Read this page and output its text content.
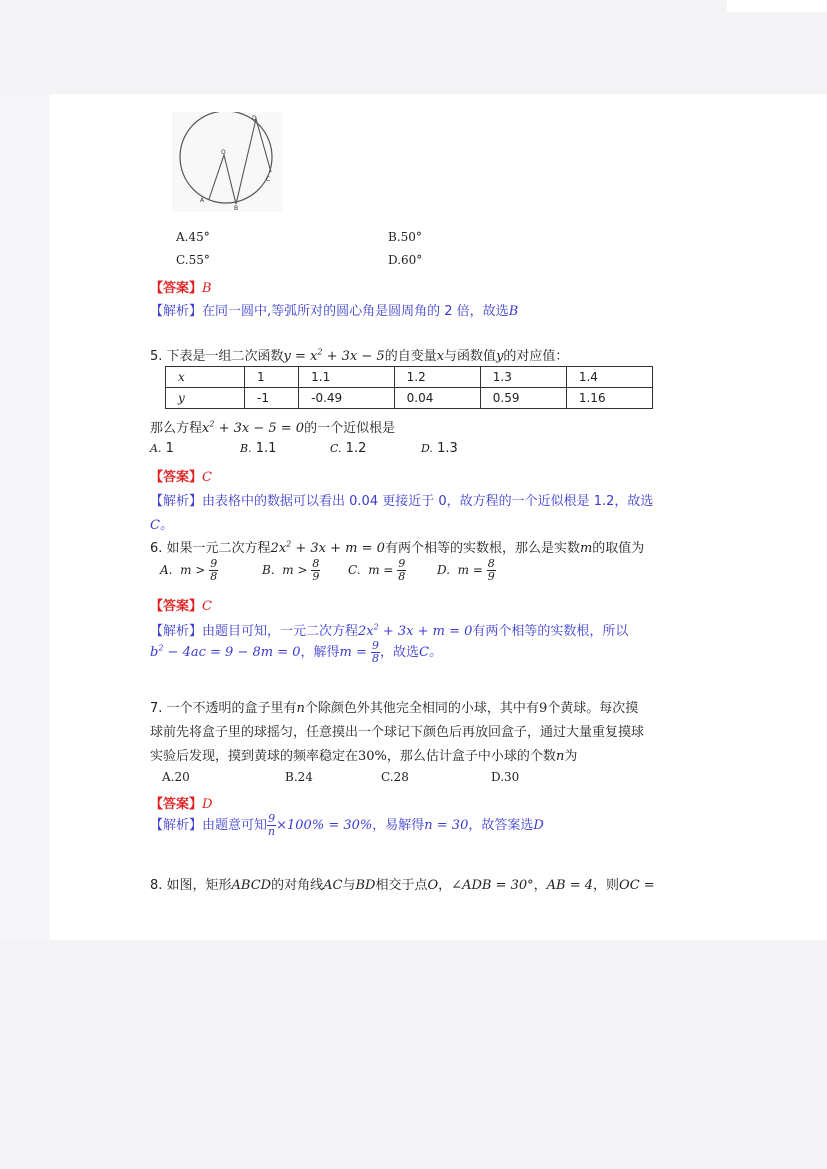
D
O
C
A
B
A.45°	B.50°
C.55°	D.60°
【答案】B
【解析】在同一圆中,等弧所对的圆心角是圆周角的 2 倍，故选B
5. 下表是一组二次函数$y = x^2 + 3x - 5$的自变量x与函数值y的对应值：
x	1	1.1	1.2	1.3	1.4
y	-1	-0.49	0.04	0.59	1.16
那么方程$x^2 + 3x - 5 = 0$的一个近似根是
A. 1	B. 1.1	C. 1.2	D. 1.3
【答案】C
【解析】由表格中的数据可以看出 0.04 更接近于 0，故方程的一个近似根是 1.2，故选
C。
6. 如果一元二次方程$2x^2 + 3x + m = 0$有两个相等的实数根，那么是实数m的取值为
A. $m > \frac{9}{8}$	B. $m > \frac{8}{9} C$. $m = \frac{9}{8}$	D. $m = \frac{8}{9}$
【答案】C
【解析】由题目可知，一元二次方程$2x^2 + 3x + m = 0$有两个相等的实数根，所以
$b^2 - 4ac = 9 - 8m = 0$，解得$m = \frac{9}{8}$ ，故选C。
7. 一个不透明的盒子里有n个除颜色外其他完全相同的小球，其中有9个黄球。每次摸
球前先将盒子里的球摇匀，任意摸出一个球记下颜色后再放回盒子，通过大量重复摸球
实验后发现，摸到黄球的频率稳定在30%，那么估计盒子中小球的个数n为
A.20	B.24	C.28	D.30
【答案】D
【解析】由题意可知 $\frac{9}{n} \times 100\% = 30\%$，易解得n = 30，故答案选D
8. 如图，矩形ABCD的对角线AC与BD相交于点O，∠ADB = 30°，AB = 4，则OC =
